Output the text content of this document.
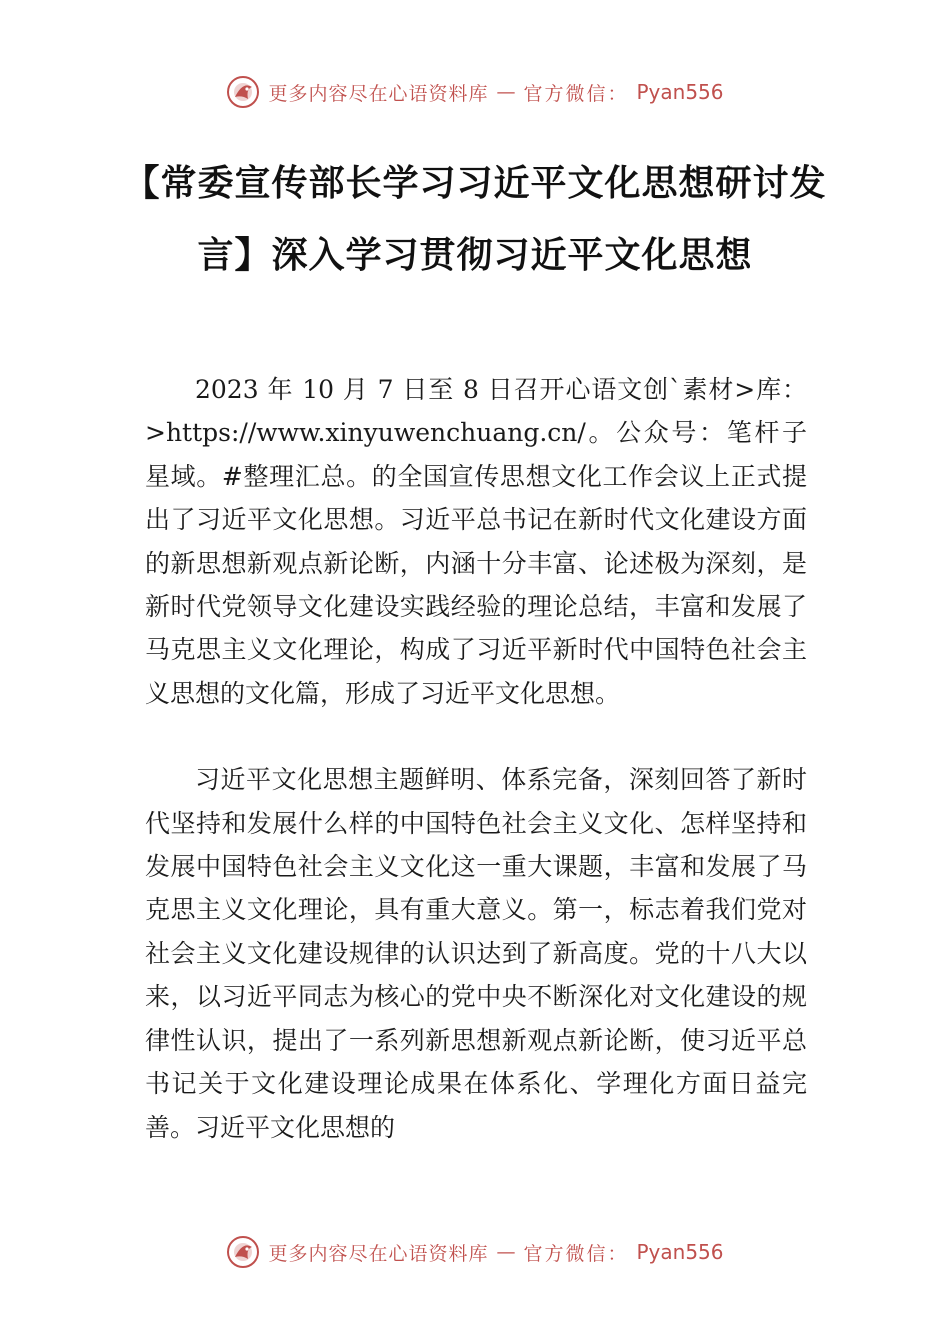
更多内容尽在心语资料库 — 官方微信： Pyan556
【常委宣传部长学习习近平文化思想研讨发言】深入学习贯彻习近平文化思想

2023 年 10 月 7 日至 8 日召开心语文创`素材>库：>https://www.xinyuwenchuang.cn/。公众号：笔杆子星域。#整理汇总。的全国宣传思想文化工作会议上正式提出了习近平文化思想。习近平总书记在新时代文化建设方面的新思想新观点新论断，内涵十分丰富、论述极为深刻，是新时代党领导文化建设实践经验的理论总结，丰富和发展了马克思主义文化理论，构成了习近平新时代中国特色社会主义思想的文化篇，形成了习近平文化思想。

习近平文化思想主题鲜明、体系完备，深刻回答了新时代坚持和发展什么样的中国特色社会主义文化、怎样坚持和发展中国特色社会主义文化这一重大课题，丰富和发展了马克思主义文化理论，具有重大意义。第一，标志着我们党对社会主义文化建设规律的认识达到了新高度。党的十八大以来，以习近平同志为核心的党中央不断深化对文化建设的规律性认识，提出了一系列新思想新观点新论断，使习近平总书记关于文化建设理论成果在体系化、学理化方面日益完善。习近平文化思想的

更多内容尽在心语资料库 — 官方微信： Pyan556
